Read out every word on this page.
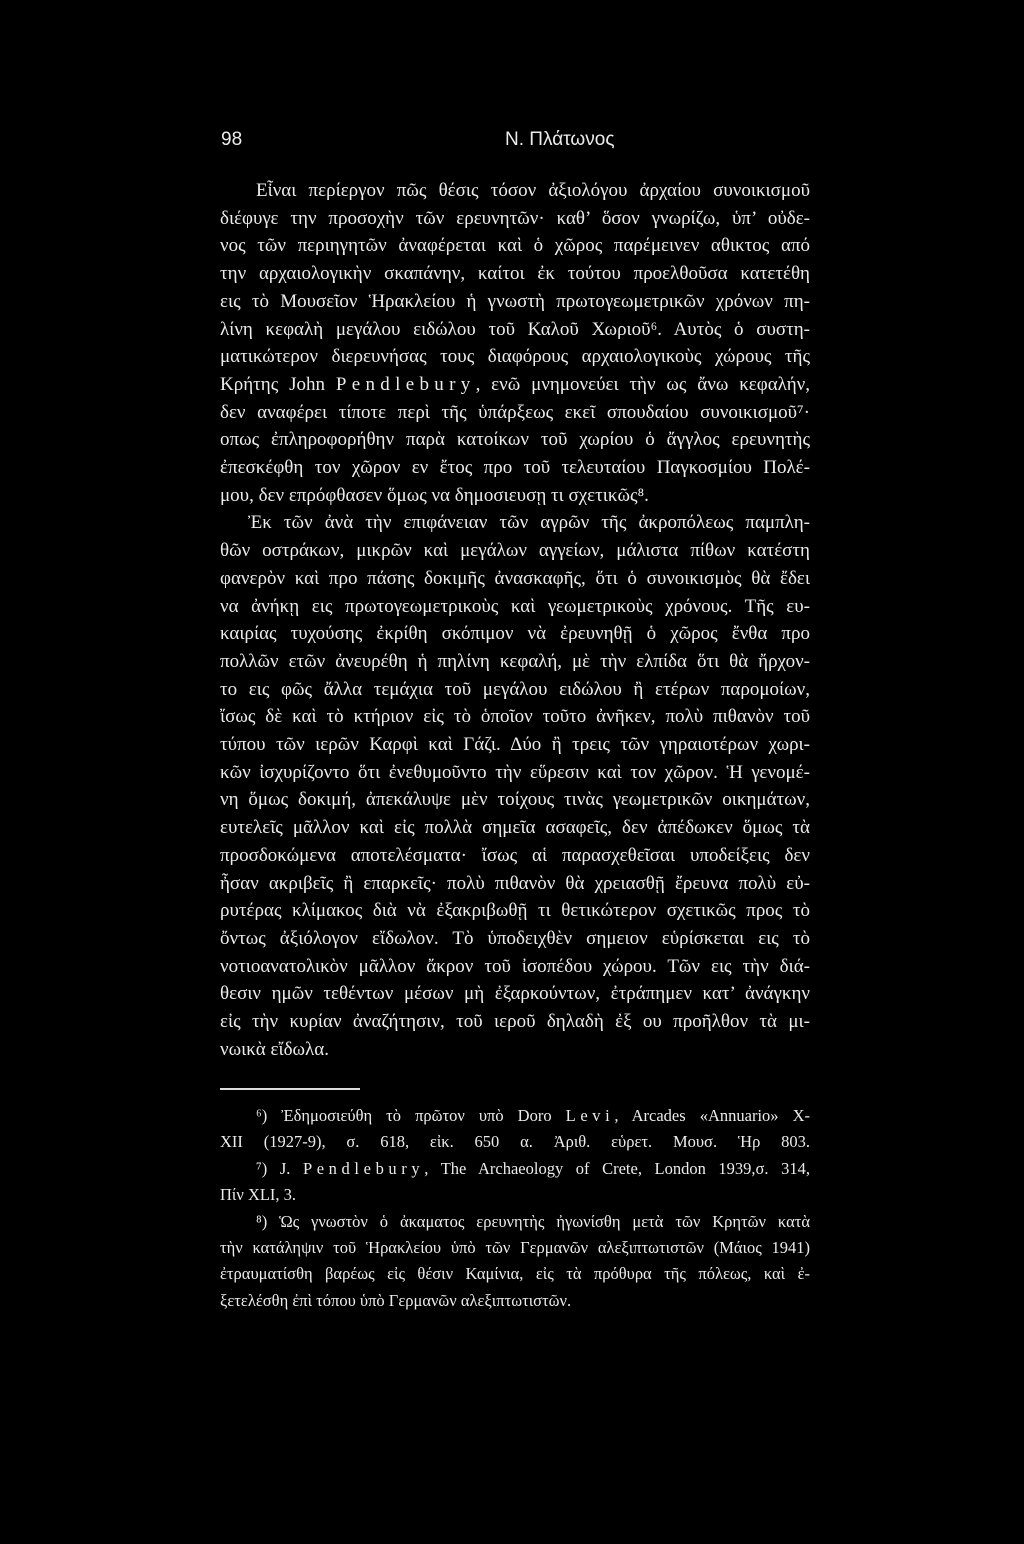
98	Ν. Πλάτωνος
Εἶναι περίεργον πῶς θέσις τόσον ἀξιολόγου ἀρχαίου συνοικισμοῦ
διέφυγε την προσοχὴν τῶν ερευνητῶν· καθ’ ὅσον γνωρίζω, ὑπ’ οὐδε-
νος τῶν περιηγητῶν ἀναφέρεται καὶ ὁ χῶρος παρέμεινεν αθικτος από
την αρχαιολογικὴν σκαπάνην, καίτοι ἐκ τούτου προελθοῦσα κατετέθη
εις τὸ Μουσεῖον Ἡρακλείου ἡ γνωστὴ πρωτογεωμετρικῶν χρόνων πη-
λίνη κεφαλὴ μεγάλου ειδώλου τοῦ Καλοῦ Χωριοῦ⁶. Αυτὸς ὁ συστη-
ματικώτερον διερευνήσας τους διαφόρους αρχαιολογικοὺς χώρους τῆς
Κρήτης John Pendlebury, ενῶ μνημονεύει τὴν ως ἄνω κεφαλήν,
δεν αναφέρει τίποτε περὶ τῆς ὑπάρξεως εκεῖ σπουδαίου συνοικισμοῦ⁷·
οπως ἐπληροφορήθην παρὰ κατοίκων τοῦ χωρίου ὁ ἄγγλος ερευνητὴς
ἐπεσκέφθη τον χῶρον εν ἔτος προ τοῦ τελευταίου Παγκοσμίου Πολέ-
μου, δεν επρόφθασεν ὅμως να δημοσιευσῃ τι σχετικῶς⁸.
Ἐκ τῶν ἀνὰ τὴν επιφάνειαν τῶν αγρῶν τῆς ἀκροπόλεως παμπλη-
θῶν οστράκων, μικρῶν καὶ μεγάλων αγγείων, μάλιστα πίθων κατέστη
φανερὸν καὶ προ πάσης δοκιμῆς ἀνασκαφῆς, ὅτι ὁ συνοικισμὸς θὰ ἔδει
να ἀνήκῃ εις πρωτογεωμετρικοὺς καὶ γεωμετρικοὺς χρόνους. Τῆς ευ-
καιρίας τυχούσης ἐκρίθη σκόπιμον νὰ ἐρευνηθῇ ὁ χῶρος ἔνθα προ
πολλῶν ετῶν ἀνευρέθη ἡ πηλίνη κεφαλή, μὲ τὴν ελπίδα ὅτι θὰ ἤρχον-
το εις φῶς ἄλλα τεμάχια τοῦ μεγάλου ειδώλου ἢ ετέρων παρομοίων,
ἴσως δὲ καὶ τὸ κτήριον εἰς τὸ ὁποῖον τοῦτο ἀνῆκεν, πολὺ πιθανὸν τοῦ
τύπου τῶν ιερῶν Καρφὶ καὶ Γάζι. Δύο ἢ τρεις τῶν γηραιοτέρων χωρι-
κῶν ἰσχυρίζοντο ὅτι ἐνεθυμοῦντο τὴν εὕρεσιν καὶ τον χῶρον. Ἡ γενομέ-
νη ὅμως δοκιμή, ἀπεκάλυψε μὲν τοίχους τινὰς γεωμετρικῶν οικημάτων,
ευτελεῖς μᾶλλον καὶ εἰς πολλὰ σημεῖα ασαφεῖς, δεν ἀπέδωκεν ὅμως τὰ
προσδοκώμενα αποτελέσματα· ἴσως αἱ παρασχεθεῖσαι υποδείξεις δεν
ἦσαν ακριβεῖς ἢ επαρκεῖς· πολὺ πιθανὸν θὰ χρειασθῇ ἔρευνα πολὺ εὐ-
ρυτέρας κλίμακος διὰ νὰ ἐξακριβωθῇ τι θετικώτερον σχετικῶς προς τὸ
ὄντως ἀξιόλογον εἴδωλον. Τὸ ὑποδειχθὲν σημειον εὑρίσκεται εις τὸ
νοτιοανατολικὸν μᾶλλον ἄκρον τοῦ ἰσοπέδου χώρου. Τῶν εις τὴν διά-
θεσιν ημῶν τεθέντων μέσων μὴ ἐξαρκούντων, ἐτράπημεν κατ’ ἀνάγκην
εἰς τὴν κυρίαν ἀναζήτησιν, τοῦ ιεροῦ δηλαδὴ ἐξ ου προῆλθον τὰ μι-
νωικὰ εἴδωλα.
⁶) Ἐδημοσιεύθη τὸ πρῶτον υπὸ Doro Levi, Arcades «Annuario» X-
XII (1927-9), σ. 618, εἰκ. 650 α. Ἀριθ. εὑρετ. Μουσ. Ἡρ 803.
⁷) J. Pendlebury, The Archaeology of Crete, London 1939,σ. 314,
Πίν XLI, 3.
⁸) Ὡς γνωστὸν ὁ ἀκαματος ερευνητὴς ἠγωνίσθη μετὰ τῶν Κρητῶν κατὰ
τὴν κατάληψιν τοῦ Ἡρακλείου ὑπὸ τῶν Γερμανῶν αλεξιπτωτιστῶν (Μάιος 1941)
ἐτραυματίσθη βαρέως εἰς θέσιν Καμίνια, εἰς τὰ πρόθυρα τῆς πόλεως, καὶ ἐ-
ξετελέσθη ἐπὶ τόπου ὑπὸ Γερμανῶν αλεξιπτωτιστῶν.
